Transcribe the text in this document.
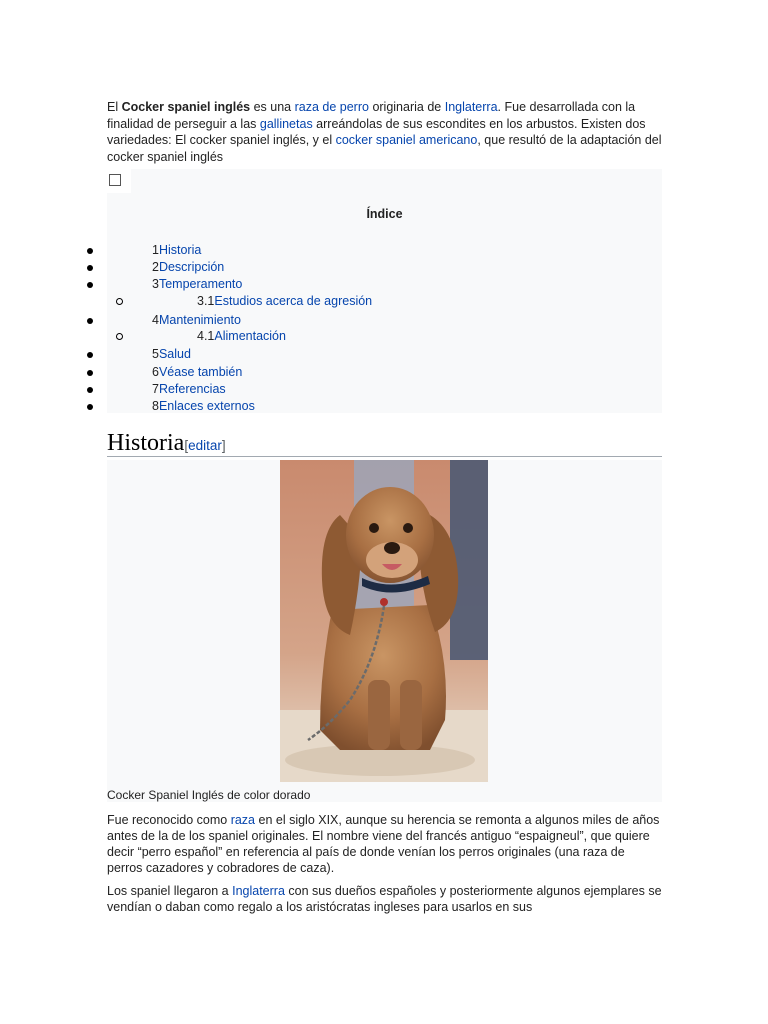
El Cocker spaniel inglés es una raza de perro originaria de Inglaterra. Fue desarrollada con la finalidad de perseguir a las gallinetas arreándolas de sus escondites en los arbustos. Existen dos variedades: El cocker spaniel inglés, y el cocker spaniel americano, que resultó de la adaptación del cocker spaniel inglés
Índice
1Historia
2Descripción
3Temperamento
3.1Estudios acerca de agresión
4Mantenimiento
4.1Alimentación
5Salud
6Véase también
7Referencias
8Enlaces externos
Historia[editar]
Cocker Spaniel Inglés de color dorado
Fue reconocido como raza en el siglo XIX, aunque su herencia se remonta a algunos miles de años antes de la de los spaniel originales. El nombre viene del francés antiguo “espaigneul”, que quiere decir “perro español” en referencia al país de donde venían los perros originales (una raza de perros cazadores y cobradores de caza).
Los spaniel llegaron a Inglaterra con sus dueños españoles y posteriormente algunos ejemplares se vendían o daban como regalo a los aristócratas ingleses para usarlos en sus
